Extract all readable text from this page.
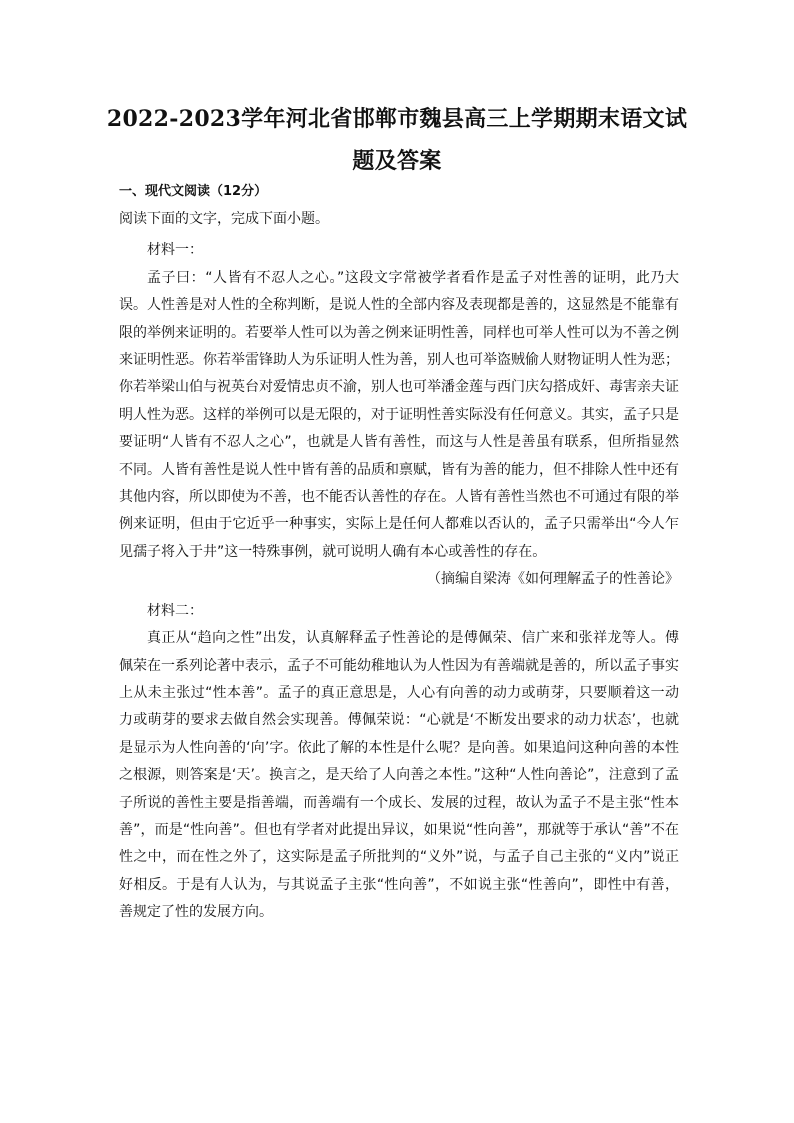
2022-2023学年河北省邯郸市魏县高三上学期期末语文试题及答案
一、现代文阅读（12分）
阅读下面的文字，完成下面小题。
材料一：
孟子曰：“人皆有不忍人之心。”这段文字常被学者看作是孟子对性善的证明，此乃大误。人性善是对人性的全称判断，是说人性的全部内容及表现都是善的，这显然是不能靠有限的举例来证明的。若要举人性可以为善之例来证明性善，同样也可举人性可以为不善之例来证明性恶。你若举雷锋助人为乐证明人性为善，别人也可举盗贼偷人财物证明人性为恶；你若举梁山伯与祝英台对爱情忠贞不渝，别人也可举潘金莲与西门庆勾搭成奸、毒害亲夫证明人性为恶。这样的举例可以是无限的，对于证明性善实际没有任何意义。其实，孟子只是要证明“人皆有不忍人之心”，也就是人皆有善性，而这与人性是善虽有联系，但所指显然不同。人皆有善性是说人性中皆有善的品质和禀赋，皆有为善的能力，但不排除人性中还有其他内容，所以即使为不善，也不能否认善性的存在。人皆有善性当然也不可通过有限的举例来证明，但由于它近乎一种事实，实际上是任何人都难以否认的，孟子只需举出“今人乍见孺子将入于井”这一特殊事例，就可说明人确有本心或善性的存在。
（摘编自梁涛《如何理解孟子的性善论》
材料二：
真正从“趋向之性”出发，认真解释孟子性善论的是傅佩荣、信广来和张祥龙等人。傅佩荣在一系列论著中表示，孟子不可能幼稚地认为人性因为有善端就是善的，所以孟子事实上从未主张过“性本善”。孟子的真正意思是，人心有向善的动力或萌芽，只要顺着这一动力或萌芽的要求去做自然会实现善。傅佩荣说：“心就是‘不断发出要求的动力状态’，也就是显示为人性向善的‘向’字。依此了解的本性是什么呢？是向善。如果追问这种向善的本性之根源，则答案是‘天’。换言之，是天给了人向善之本性。”这种“人性向善论”，注意到了孟子所说的善性主要是指善端，而善端有一个成长、发展的过程，故认为孟子不是主张“性本善”，而是“性向善”。但也有学者对此提出异议，如果说“性向善”，那就等于承认“善”不在性之中，而在性之外了，这实际是孟子所批判的“义外”说，与孟子自己主张的“义内”说正好相反。于是有人认为，与其说孟子主张“性向善”，不如说主张“性善向”，即性中有善，善规定了性的发展方向。
